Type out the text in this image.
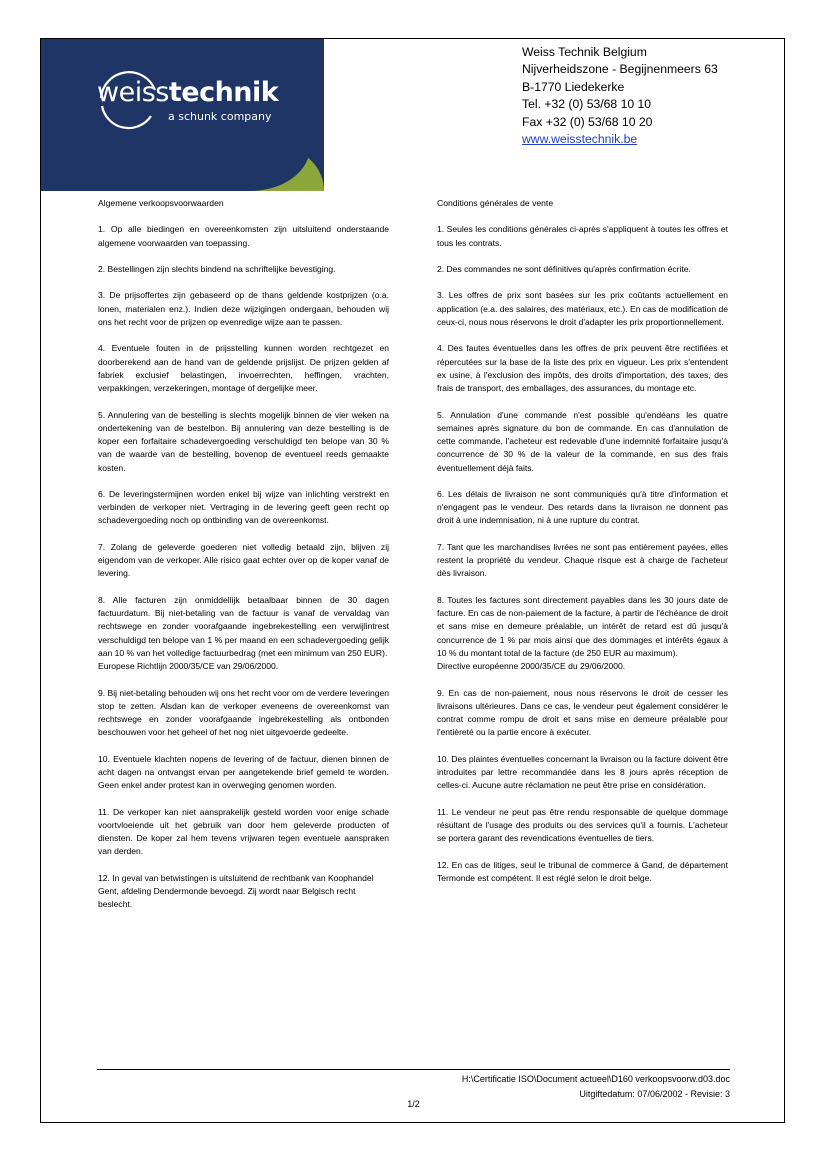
weisstechnik
a schunk company
Weiss Technik Belgium
Nijverheidszone - Begijnenmeers 63
B-1770 Liedekerke
Tel. +32 (0) 53/68 10 10
Fax +32 (0) 53/68 10 20
www.weisstechnik.be
Algemene verkoopsvoorwaarden

1. Op alle biedingen en overeenkomsten zijn uitsluitend onderstaande algemene voorwaarden van toepassing.

2. Bestellingen zijn slechts bindend na schriftelijke bevestiging.

3. De prijsoffertes zijn gebaseerd op de thans geldende kostprijzen (o.a. lonen, materialen enz.). Indien deze wijzigingen ondergaan, behouden wij ons het recht voor de prijzen op evenredige wijze aan te passen.

4. Eventuele fouten in de prijsstelling kunnen worden rechtgezet en doorberekend aan de hand van de geldende prijslijst. De prijzen gelden af fabriek exclusief belastingen, invoerrechten, heffingen, vrachten, verpakkingen, verzekeringen, montage of dergelijke meer.

5. Annulering van de bestelling is slechts mogelijk binnen de vier weken na ondertekening van de bestelbon. Bij annulering van deze bestelling is de koper een forfaitaire schadevergoeding verschuldigd ten belope van 30 % van de waarde van de bestelling, bovenop de eventueel reeds gemaakte kosten.

6. De leveringstermijnen worden enkel bij wijze van inlichting verstrekt en verbinden de verkoper niet. Vertraging in de levering geeft geen recht op schadevergoeding noch op ontbinding van de overeenkomst.

7. Zolang de geleverde goederen niet volledig betaald zijn, blijven zij eigendom van de verkoper. Alle risico gaat echter over op de koper vanaf de levering.

8. Alle facturen zijn onmiddellijk betaalbaar binnen de 30 dagen factuurdatum. Bij niet-betaling van de factuur is vanaf de vervaldag van rechtswege en zonder voorafgaande ingebrekestelling een verwijlintrest verschuldigd ten belope van 1 % per maand en een schadevergoeding gelijk aan 10 % van het volledige factuurbedrag (met een minimum van 250 EUR).

Europese Richtlijn 2000/35/CE van 29/06/2000.

9. Bij niet-betaling behouden wij ons het recht voor om de verdere leveringen stop te zetten. Alsdan kan de verkoper eveneens de overeenkomst van rechtswege en zonder voorafgaande ingebrekestelling als ontbonden beschouwen voor het geheel of het nog niet uitgevoerde gedeelte.

10. Eventuele klachten nopens de levering of de factuur, dienen binnen de acht dagen na ontvangst ervan per aangetekende brief gemeld te worden. Geen enkel ander protest kan in overweging genomen worden.

11. De verkoper kan niet aansprakelijk gesteld worden voor enige schade voortvloeiende uit het gebruik van door hem geleverde producten of diensten. De koper zal hem tevens vrijwaren tegen eventuele aanspraken van derden.

12. In geval van betwistingen is uitsluitend de rechtbank van Koophandel Gent, afdeling Dendermonde bevoegd. Zij wordt naar Belgisch recht beslecht.

Conditions générales de vente

1. Seules les conditions générales ci-après s'appliquent à toutes les offres et tous les contrats.

2. Des commandes ne sont définitives qu'après confirmation écrite.

3. Les offres de prix sont basées sur les prix coûtants actuellement en application (e.a. des salaires, des matériaux, etc.). En cas de modification de ceux-ci, nous nous réservons le droit d'adapter les prix proportionnellement.

4. Des fautes éventuelles dans les offres de prix peuvent être rectifiées et répercutées sur la base de la liste des prix en vigueur. Les prix s'entendent ex usine, à l'exclusion des impôts, des droits d'importation, des taxes, des frais de transport, des emballages, des assurances, du montage etc.

5. Annulation d'une commande n'est possible qu'endéans les quatre semaines après signature du bon de commande. En cas d'annulation de cette commande, l'acheteur est redevable d'une indemnité forfaitaire jusqu'à concurrence de 30 % de la valeur de la commande, en sus des frais éventuellement déjà faits.

6. Les délais de livraison ne sont communiqués qu'à titre d'information et n'engagent pas le vendeur. Des retards dans la livraison ne donnent pas droit à une indemnisation, ni à une rupture du contrat.

7. Tant que les marchandises livrées ne sont pas entièrement payées, elles restent la propriété du vendeur. Chaque risque est à charge de l'acheteur dès livraison.

8. Toutes les factures sont directement payables dans les 30 jours date de facture. En cas de non-paiement de la facture, à partir de l'échéance de droit et sans mise en demeure préalable, un intérêt de retard est dû jusqu'à concurrence de 1 % par mois ainsi que des dommages et intérêts égaux à 10 % du montant total de la facture (de 250 EUR au maximum).

Directive européenne 2000/35/CE du 29/06/2000.

9. En cas de non-paiement, nous nous réservons le droit de cesser les livraisons ultérieures. Dans ce cas, le vendeur peut également considérer le contrat comme rompu de droit et sans mise en demeure préalable pour l'entièreté ou la partie encore à exécuter.

10. Des plaintes éventuelles concernant la livraison ou la facture doivent être introduites par lettre recommandée dans les 8 jours après réception de celles-ci. Aucune autre réclamation ne peut être prise en considération.

11. Le vendeur ne peut pas être rendu responsable de quelque dommage résultant de l'usage des produits ou des services qu'il a fournis. L'acheteur se portera garant des revendications éventuelles de tiers.

12. En cas de litiges, seul le tribunal de commerce à Gand, de département Termonde est compétent. Il est réglé selon le droit belge.

H:\Certificatie ISO\Document actueel\D160 verkoopsvoorw.d03.doc
Uitgiftedatum: 07/06/2002 - Revisie: 3
1/2
